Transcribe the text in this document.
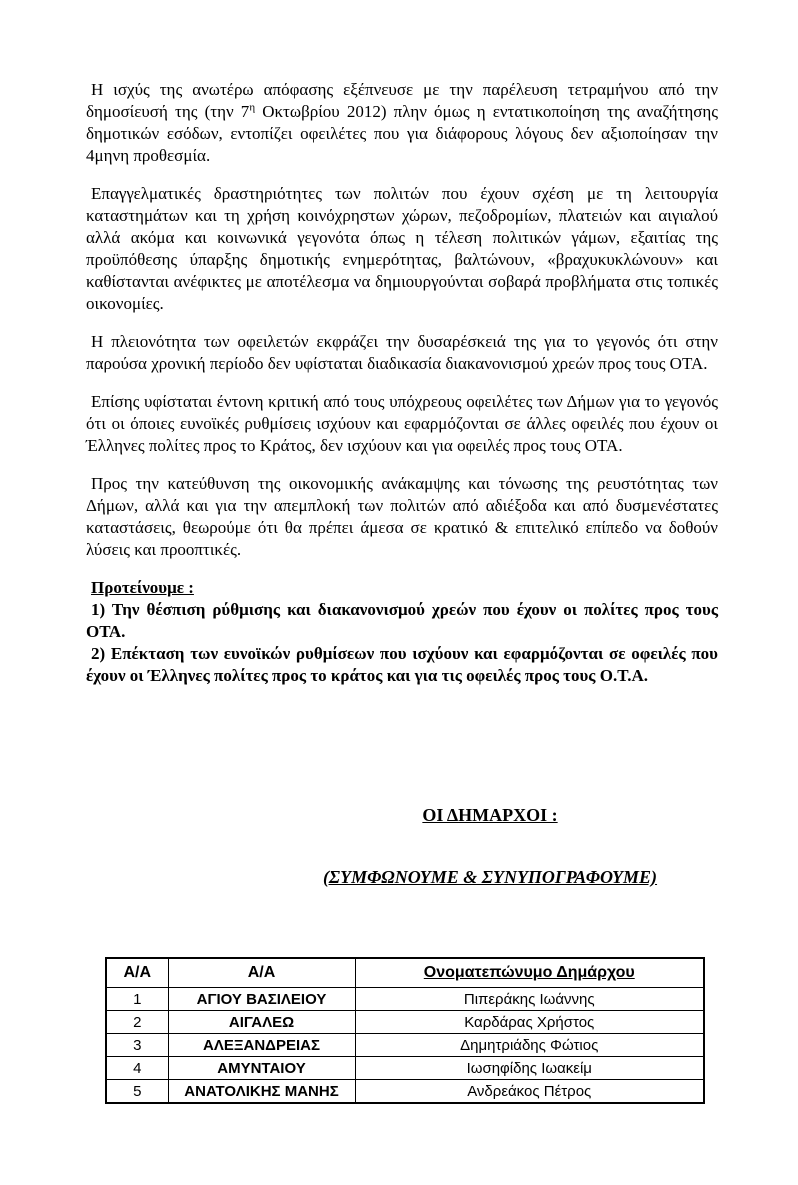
Η ισχύς της ανωτέρω απόφασης εξέπνευσε με την παρέλευση τετραμήνου από την δημοσίευσή της (την $7^\eta$ Οκτωβρίου 2012) πλην όμως η εντατικοποίηση της αναζήτησης δημοτικών εσόδων, εντοπίζει οφειλέτες που για διάφορους λόγους δεν αξιοποίησαν την 4μηνη προθεσμία.

Επαγγελματικές δραστηριότητες των πολιτών που έχουν σχέση με τη λειτουργία καταστημάτων και τη χρήση κοινόχρηστων χώρων, πεζοδρομίων, πλατειών και αιγιαλού αλλά ακόμα και κοινωνικά γεγονότα όπως η τέλεση πολιτικών γάμων, εξαιτίας της προϋπόθεσης ύπαρξης δημοτικής ενημερότητας, βαλτώνουν, «βραχυκυκλώνουν» και καθίστανται ανέφικτες με αποτέλεσμα να δημιουργούνται σοβαρά προβλήματα στις τοπικές οικονομίες.

Η πλειονότητα των οφειλετών εκφράζει την δυσαρέσκειά της για το γεγονός ότι στην παρούσα χρονική περίοδο δεν υφίσταται διαδικασία διακανονισμού χρεών προς τους ΟΤΑ.

Επίσης υφίσταται έντονη κριτική από τους υπόχρεους οφειλέτες των Δήμων για το γεγονός ότι οι όποιες ευνοϊκές ρυθμίσεις ισχύουν και εφαρμόζονται σε άλλες οφειλές που έχουν οι Έλληνες πολίτες προς το Κράτος, δεν ισχύουν και για οφειλές προς τους ΟΤΑ.

Προς την κατεύθυνση της οικονομικής ανάκαμψης και τόνωσης της ρευστότητας των Δήμων, αλλά και για την απεμπλοκή των πολιτών από αδιέξοδα και από δυσμενέστατες καταστάσεις, θεωρούμε ότι θα πρέπει άμεσα σε κρατικό & επιτελικό επίπεδο να δοθούν λύσεις και προοπτικές.

Προτείνουμε :

1) Την θέσπιση ρύθμισης και διακανονισμού χρεών που έχουν οι πολίτες προς τους ΟΤΑ.

2) Επέκταση των ευνοϊκών ρυθμίσεων που ισχύουν και εφαρμόζονται σε οφειλές που έχουν οι Έλληνες πολίτες προς το κράτος και για τις οφειλές προς τους Ο.Τ.Α.

ΟΙ ΔΗΜΑΡΧΟΙ :
(ΣΥΜΦΩΝΟΥΜΕ & ΣΥΝΥΠΟΓΡΑΦΟΥΜΕ)
Α/Α	Α/Α	Ονοματεπώνυμο Δημάρχου
1	ΑΓΙΟΥ ΒΑΣΙΛΕΙΟΥ	Πιπεράκης Ιωάννης
2	ΑΙΓΑΛΕΩ	Καρδάρας Χρήστος
3	ΑΛΕΞΑΝΔΡΕΙΑΣ	Δημητριάδης Φώτιος
4	ΑΜΥΝΤΑΙΟΥ	Ιωσηφίδης Ιωακείμ
5	ΑΝΑΤΟΛΙΚΗΣ ΜΑΝΗΣ	Ανδρεάκος Πέτρος
